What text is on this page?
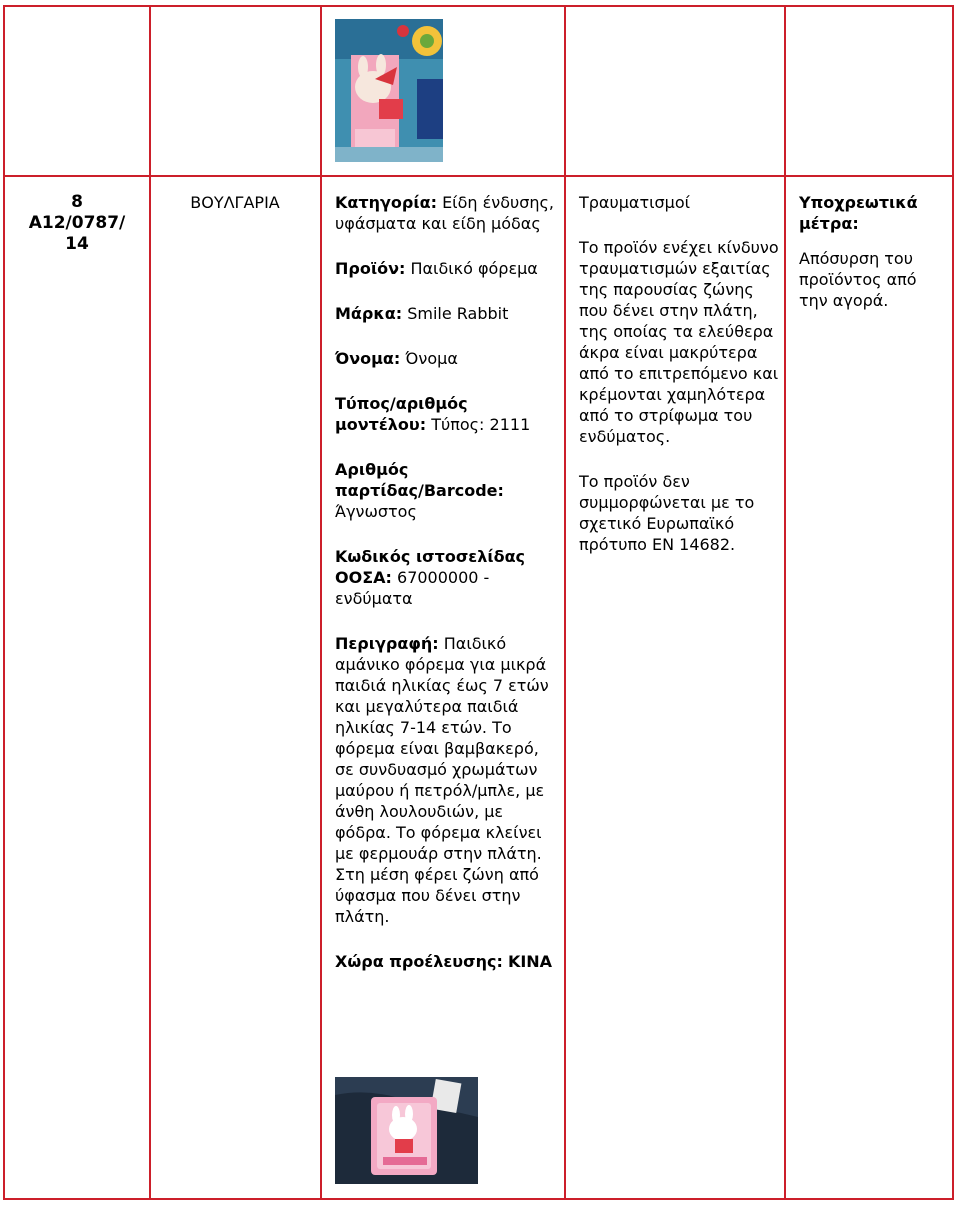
8
A12/0787/ 14
ΒΟΥΛΓΑΡΙΑ	Κατηγορία: Είδη ένδυσης, υφάσματα και είδη μόδας

Προϊόν: Παιδικό φόρεμα

Μάρκα: Smile Rabbit

Όνομα: Όνομα

Τύπος/αριθμός μοντέλου: Τύπος: 2111

Αριθμός παρτίδας/Barcode: Άγνωστος

Κωδικός ιστοσελίδας ΟΟΣΑ: 67000000 - ενδύματα

Περιγραφή: Παιδικό αμάνικο φόρεμα για μικρά παιδιά ηλικίας έως 7 ετών και μεγαλύτερα παιδιά ηλικίας 7-14 ετών. Το φόρεμα είναι βαμβακερό, σε συνδυασμό χρωμάτων μαύρου ή πετρόλ/μπλε, με άνθη λουλουδιών, με φόδρα. Το φόρεμα κλείνει με φερμουάρ στην πλάτη. Στη μέση φέρει ζώνη από ύφασμα που δένει στην πλάτη.

Χώρα προέλευσης: ΚΙΝΑ

Τραυματισμοί

Το προϊόν ενέχει κίνδυνο τραυματισμών εξαιτίας της παρουσίας ζώνης που δένει στην πλάτη, της οποίας τα ελεύθερα άκρα είναι μακρύτερα από το επιτρεπόμενο και κρέμονται χαμηλότερα από το στρίφωμα του ενδύματος.

Το προϊόν δεν συμμορφώνεται με το σχετικό Ευρωπαϊκό πρότυπο ΕΝ 14682.

Υποχρεωτικά μέτρα:

Απόσυρση του προϊόντος από την αγορά.
